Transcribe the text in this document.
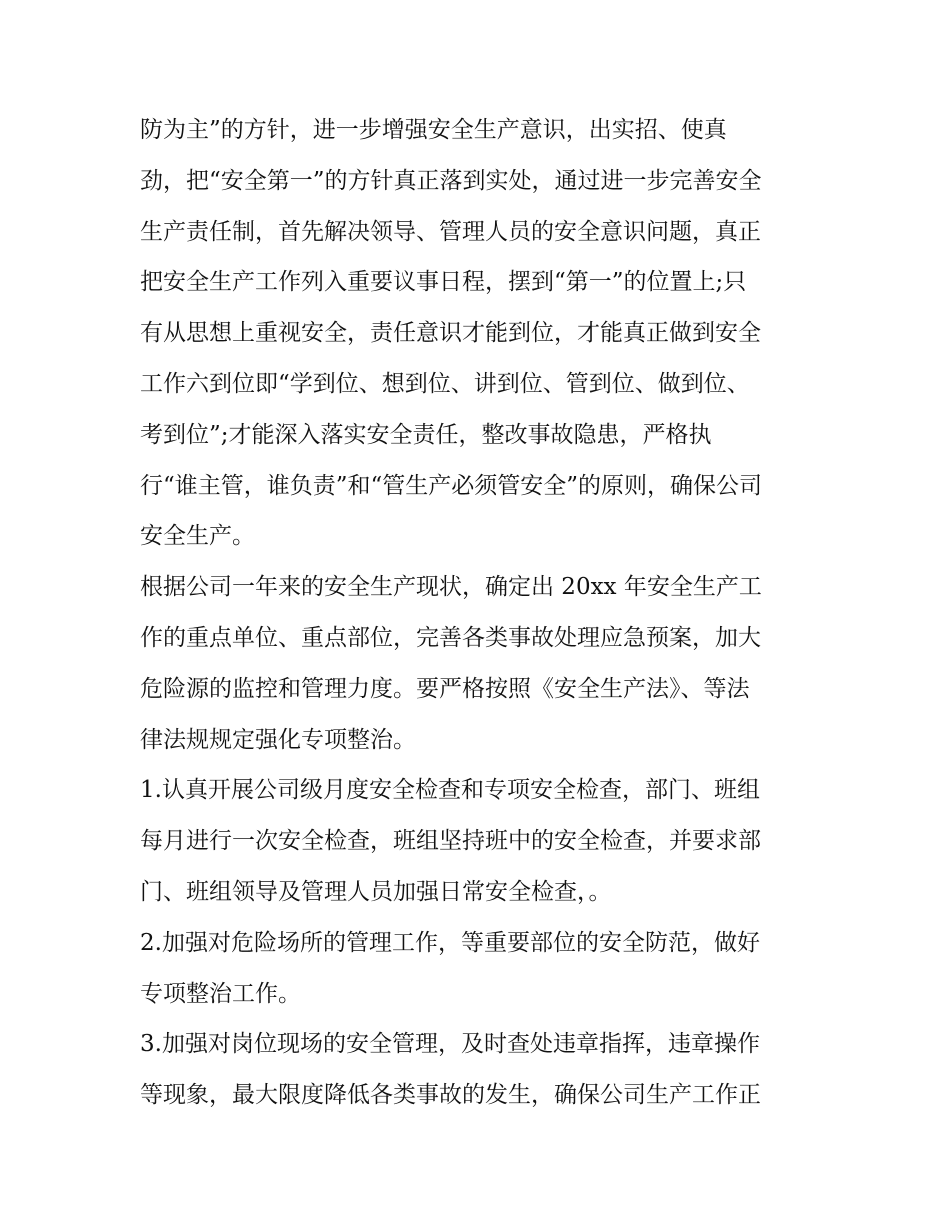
防为主”的方针，进一步增强安全生产意识，出实招、使真
劲，把“安全第一”的方针真正落到实处，通过进一步完善安全
生产责任制，首先解决领导、管理人员的安全意识问题，真正
把安全生产工作列入重要议事日程，摆到“第一”的位置上;只
有从思想上重视安全，责任意识才能到位，才能真正做到安全
工作六到位即“学到位、想到位、讲到位、管到位、做到位、
考到位”;才能深入落实安全责任，整改事故隐患，严格执
行“谁主管，谁负责”和“管生产必须管安全”的原则，确保公司
安全生产。
根据公司一年来的安全生产现状，确定出 20xx 年安全生产工
作的重点单位、重点部位，完善各类事故处理应急预案，加大
危险源的监控和管理力度。要严格按照《安全生产法》、等法
律法规规定强化专项整治。
1.认真开展公司级月度安全检查和专项安全检查，部门、班组
每月进行一次安全检查，班组坚持班中的安全检查，并要求部
门、班组领导及管理人员加强日常安全检查，。
2.加强对危险场所的管理工作，等重要部位的安全防范，做好
专项整治工作。
3.加强对岗位现场的安全管理，及时查处违章指挥，违章操作
等现象，最大限度降低各类事故的发生，确保公司生产工作正
